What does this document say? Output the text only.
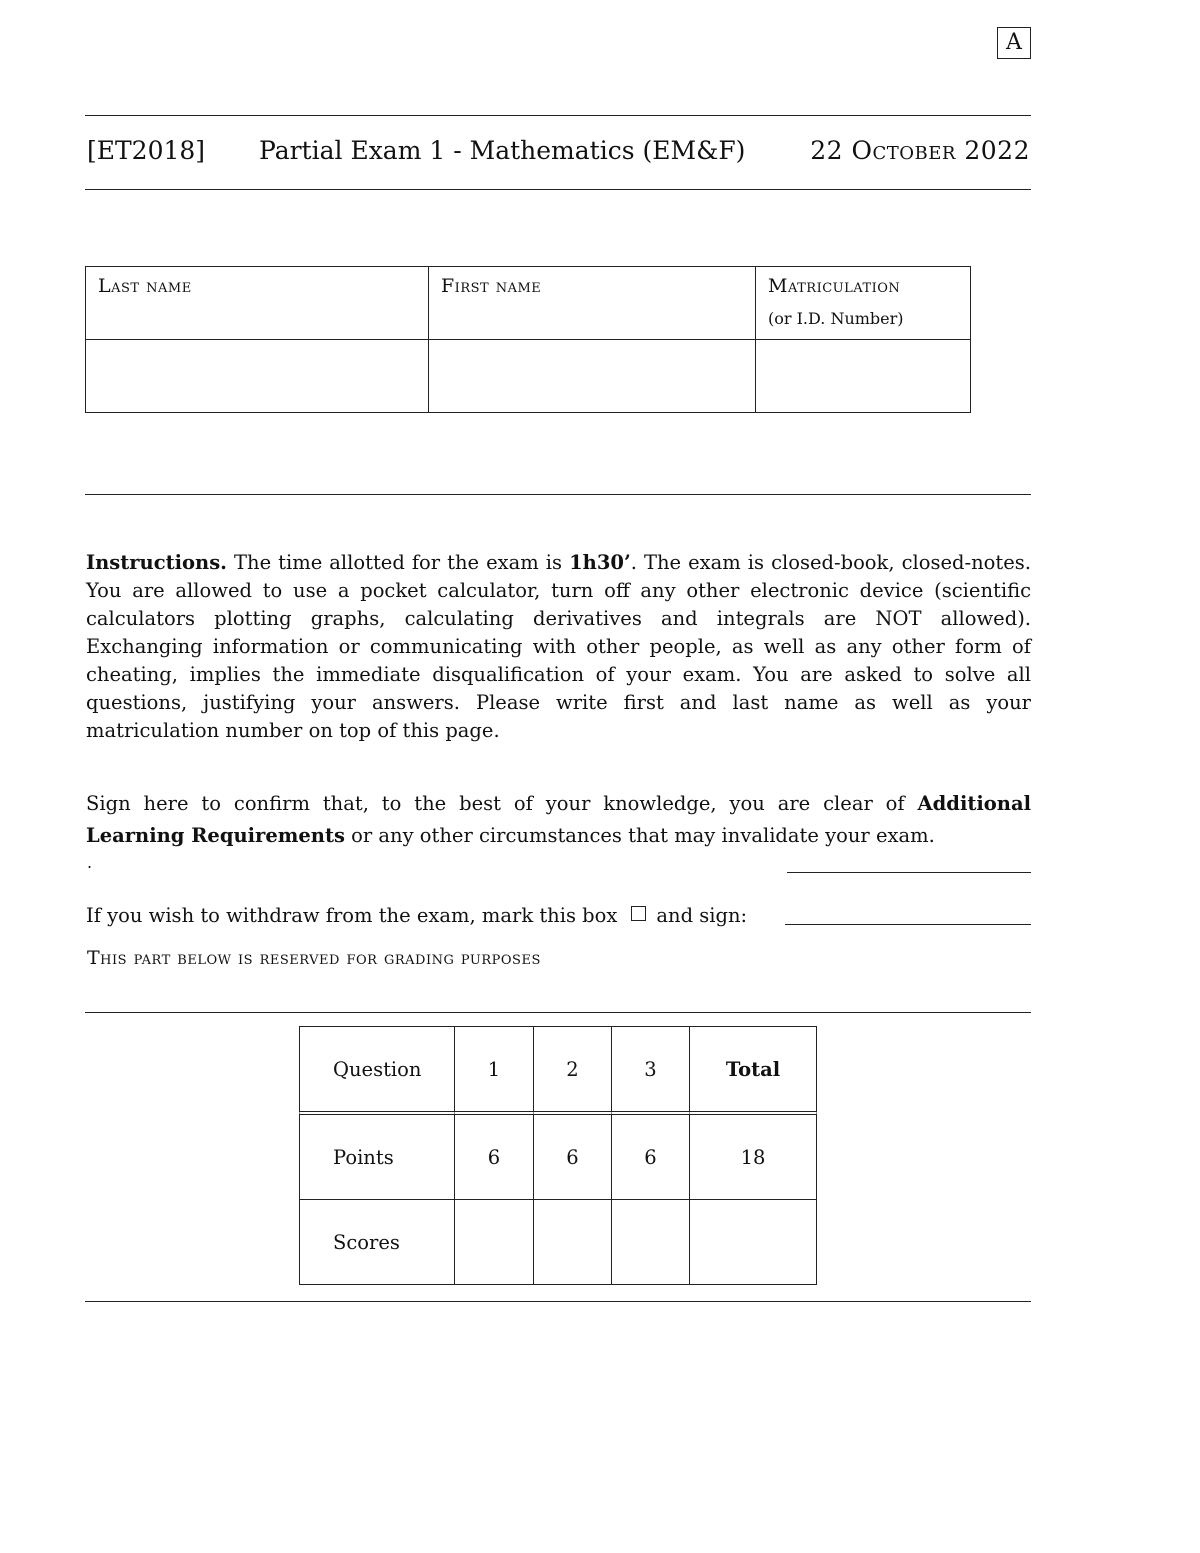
A
[ET2018] Partial Exam 1 - Mathematics (EM&F)	22 October 2022
Last name	First name	Matriculation
(or I.D. Number)

Instructions. The time allotted for the exam is 1h30’. The exam is closed-book, closed-notes. You are allowed to use a pocket calculator, turn off any other electronic device (scientific calculators plotting graphs, calculating derivatives and integrals are NOT allowed). Exchanging information or communicating with other people, as well as any other form of cheating, implies the immediate disqualification of your exam. You are asked to solve all questions, justifying your answers. Please write first and last name as well as your matriculation number on top of this page.
Sign here to confirm that, to the best of your knowledge, you are clear of Additional Learning Requirements or any other circumstances that may invalidate your exam.
.
If you wish to withdraw from the exam, mark this box and sign:
This part below is reserved for grading purposes
Question	1	2	3	Total
Points	6	6	6	18
Scores				
